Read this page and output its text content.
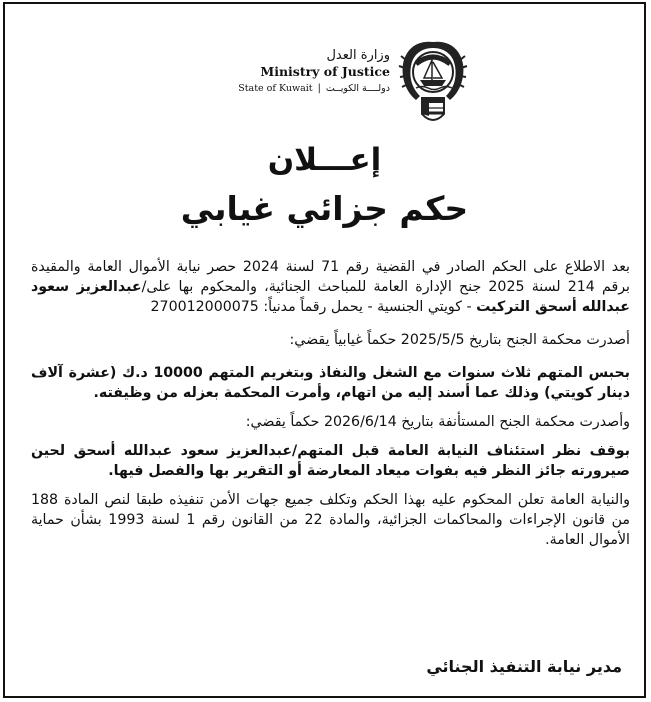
وزارة العدل
Ministry of Justice
State of Kuwait | دولــــة الكويــت
إعـــلان
حكم جزائي غيابي

بعد الاطلاع على الحكم الصادر في القضية رقم 71 لسنة 2024 حصر نيابة الأموال العامة والمقيدة برقم 214 لسنة 2025 جنح الإدارة العامة للمباحث الجنائية، والمحكوم بها على/عبدالعزيز سعود عبدالله أسحق التركيت - كويتي الجنسية - يحمل رقماً مدنياً: 270012000075

أصدرت محكمة الجنح بتاريخ 2025/5/5 حكماً غيابياً يقضي:

بحبس المتهم ثلاث سنوات مع الشغل والنفاذ وبتغريم المتهم 10000 د.ك (عشرة آلاف دينار كويتي) وذلك عما أسند إليه من اتهام، وأمرت المحكمة بعزله من وظيفته.

وأصدرت محكمة الجنح المستأنفة بتاريخ 2026/6/14 حكماً يقضي:

بوقف نظر استئناف النيابة العامة قبل المتهم/عبدالعزيز سعود عبدالله أسحق لحين صيرورته جائز النظر فيه بفوات ميعاد المعارضة أو التقرير بها والفصل فيها.

والنيابة العامة تعلن المحكوم عليه بهذا الحكم وتكلف جميع جهات الأمن تنفيذه طبقا لنص المادة 188 من قانون الإجراءات والمحاكمات الجزائية، والمادة 22 من القانون رقم 1 لسنة 1993 بشأن حماية الأموال العامة.

مدير نيابة التنفيذ الجنائي
